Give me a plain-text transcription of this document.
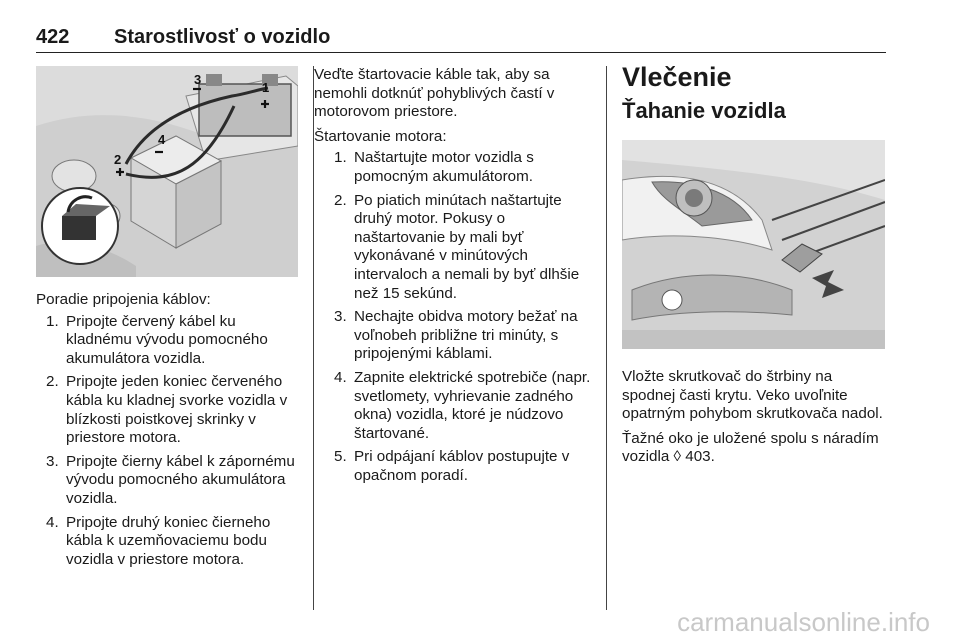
422 Starostlivosť o vozidlo
1
2
3
4

Poradie pripojenia káblov:

1. Pripojte červený kábel ku kladnému vývodu pomocného akumulátora vozidla.
2. Pripojte jeden koniec červeného kábla ku kladnej svorke vozidla v blízkosti poistkovej skrinky v priestore motora.
3. Pripojte čierny kábel k zápornému vývodu pomocného akumulátora vozidla.
4. Pripojte druhý koniec čierneho kábla k uzemňovaciemu bodu vozidla v priestore motora.

Veďte štartovacie káble tak, aby sa nemohli dotknúť pohyblivých častí v motorovom priestore.

Štartovanie motora:

1. Naštartujte motor vozidla s pomocným akumulátorom.
2. Po piatich minútach naštartujte druhý motor. Pokusy o naštartovanie by mali byť vykonávané v minútových intervaloch a nemali by byť dlhšie než 15 sekúnd.
3. Nechajte obidva motory bežať na voľnobeh približne tri minúty, s pripojenými káblami.
4. Zapnite elektrické spotrebiče (napr. svetlomety, vyhrievanie zadného okna) vozidla, ktoré je núdzovo štartované.
5. Pri odpájaní káblov postupujte v opačnom poradí.
Vlečenie
Ťahanie vozidla

Vložte skrutkovač do štrbiny na spodnej časti krytu. Veko uvoľnite opatrným pohybom skrutkovača nadol.

Ťažné oko je uložené spolu s náradím vozidla ◊ 403.

carmanualsonline.info
